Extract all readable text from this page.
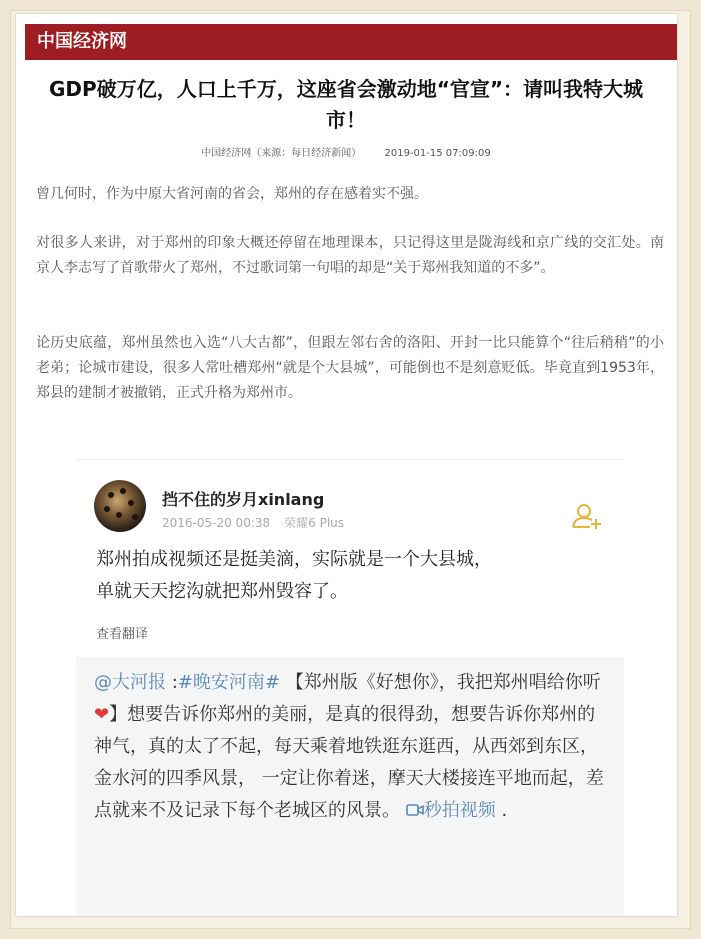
中国经济网
GDP破万亿，人口上千万，这座省会激动地“官宣”：请叫我特大城市！
中国经济网（来源：每日经济新闻） 2019-01-15 07:09:09
曾几何时，作为中原大省河南的省会，郑州的存在感着实不强。
对很多人来讲，对于郑州的印象大概还停留在地理课本，只记得这里是陇海线和京广线的交汇处。南京人李志写了首歌带火了郑州，不过歌词第一句唱的却是“关于郑州我知道的不多”。
论历史底蕴，郑州虽然也入选“八大古都”，但跟左邻右舍的洛阳、开封一比只能算个“往后稍稍”的小老弟；论城市建设，很多人常吐槽郑州“就是个大县城”，可能倒也不是刻意贬低。毕竟直到1953年，郑县的建制才被撤销，正式升格为郑州市。
挡不住的岁月xinlang
2016-05-20 00:38 荣耀6 Plus
郑州拍成视频还是挺美滴，实际就是一个大县城，
单就天天挖沟就把郑州毁容了。
查看翻译
@大河报 :#晚安河南# 【郑州版《好想你》，我把郑州唱给你听❤】想要告诉你郑州的美丽，是真的很得劲，想要告诉你郑州的神气，真的太了不起，每天乘着地铁逛东逛西，从西郊到东区，金水河的四季风景， 一定让你着迷，摩天大楼接连平地而起，差点就来不及记录下每个老城区的风景。 秒拍视频 .
